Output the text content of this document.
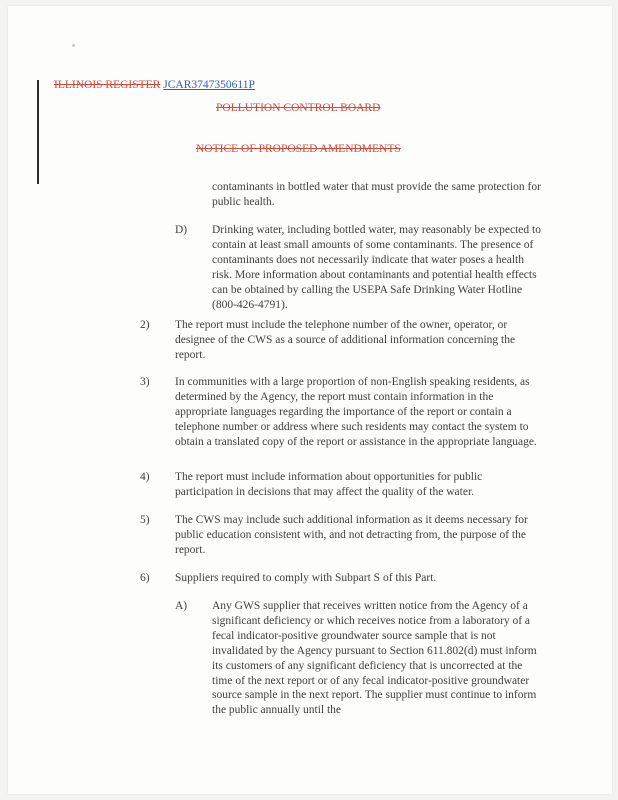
ILLINOIS REGISTER JCAR3747350611P
POLLUTION CONTROL BOARD
NOTICE OF PROPOSED AMENDMENTS
contaminants in bottled water that must provide the same protection for public health.
D) Drinking water, including bottled water, may reasonably be expected to contain at least small amounts of some contaminants. The presence of contaminants does not necessarily indicate that water poses a health risk. More information about contaminants and potential health effects can be obtained by calling the USEPA Safe Drinking Water Hotline (800-426-4791).
2) The report must include the telephone number of the owner, operator, or designee of the CWS as a source of additional information concerning the report.
3) In communities with a large proportion of non-English speaking residents, as determined by the Agency, the report must contain information in the appropriate languages regarding the importance of the report or contain a telephone number or address where such residents may contact the system to obtain a translated copy of the report or assistance in the appropriate language.
4) The report must include information about opportunities for public participation in decisions that may affect the quality of the water.
5) The CWS may include such additional information as it deems necessary for public education consistent with, and not detracting from, the purpose of the report.
6) Suppliers required to comply with Subpart S of this Part.
A) Any GWS supplier that receives written notice from the Agency of a significant deficiency or which receives notice from a laboratory of a fecal indicator-positive groundwater source sample that is not invalidated by the Agency pursuant to Section 611.802(d) must inform its customers of any significant deficiency that is uncorrected at the time of the next report or of any fecal indicator-positive groundwater source sample in the next report. The supplier must continue to inform the public annually until the
